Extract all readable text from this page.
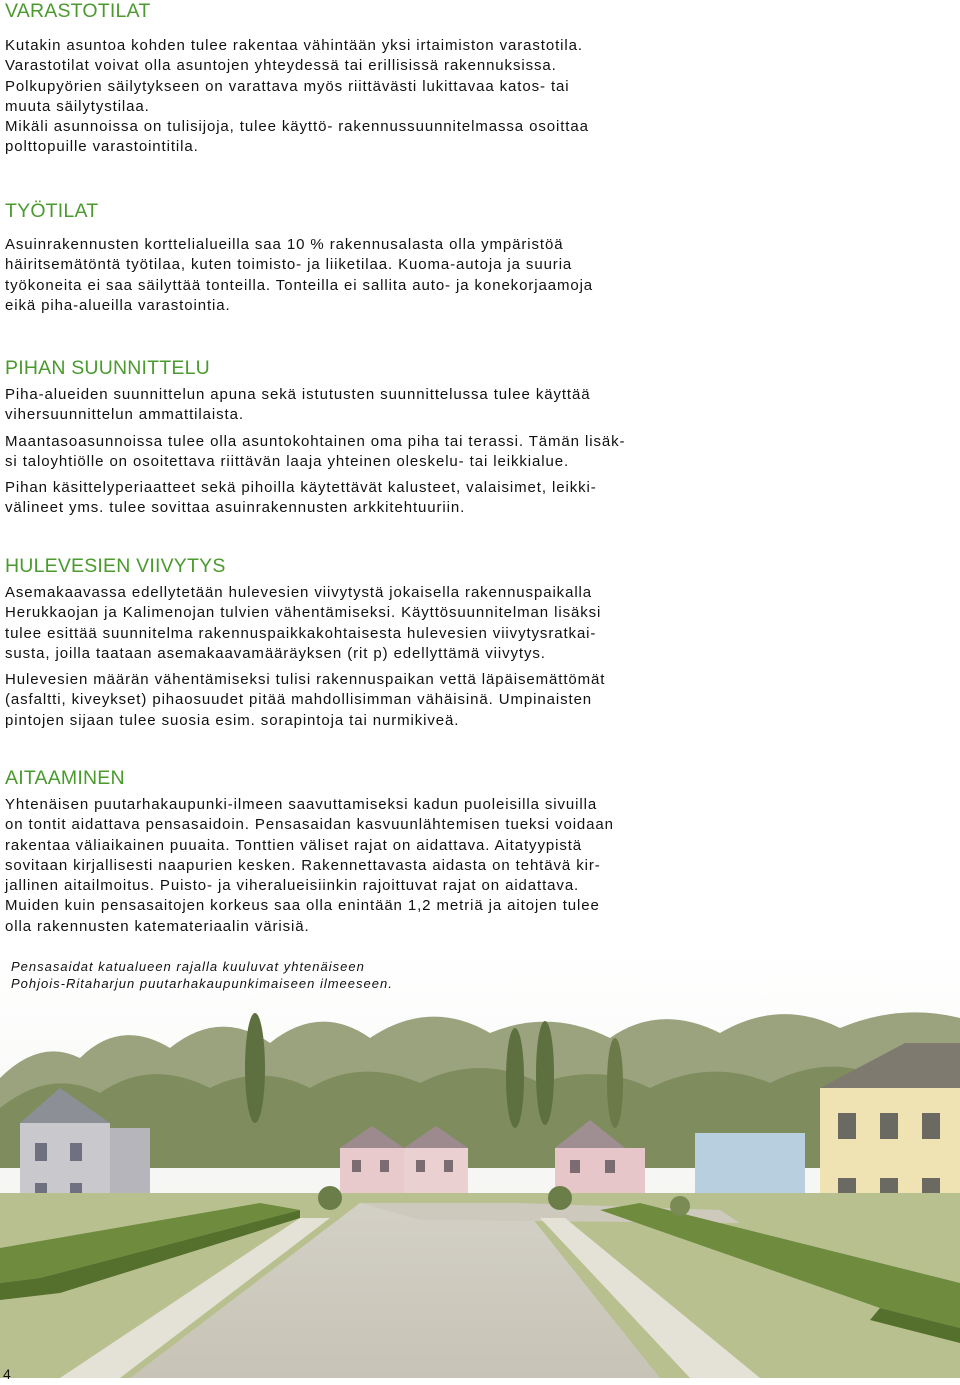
VARASTOTILAT

Kutakin asuntoa kohden tulee rakentaa vähintään yksi irtaimiston varastotila.
Varastotilat voivat olla asuntojen yhteydessä tai erillisissä rakennuksissa.
Polkupyörien säilytykseen on varattava myös riittävästi lukittavaa katos- tai
muuta säilytystilaa.
Mikäli asunnoissa on tulisijoja, tulee käyttö- rakennussuunnitelmassa osoittaa
polttopuille varastointitila.

TYÖTILAT

Asuinrakennusten korttelialueilla saa 10 % rakennusalasta olla ympäristöä
häiritsemätöntä työtilaa, kuten toimisto- ja liiketilaa. Kuoma-autoja ja suuria
työkoneita ei saa säilyttää tonteilla. Tonteilla ei sallita auto- ja konekorjaamoja
eikä piha-alueilla varastointia.

PIHAN SUUNNITTELU

Piha-alueiden suunnittelun apuna sekä istutusten suunnittelussa tulee käyttää
vihersuunnittelun ammattilaista.

Maantasoasunnoissa tulee olla asuntokohtainen oma piha tai terassi. Tämän lisäk-
si taloyhtiölle on osoitettava riittävän laaja yhteinen oleskelu- tai leikkialue.

Pihan käsittelyperiaatteet sekä pihoilla käytettävät kalusteet, valaisimet, leikki-
välineet yms. tulee sovittaa asuinrakennusten arkkitehtuuriin.

HULEVESIEN VIIVYTYS

Asemakaavassa edellytetään hulevesien viivytystä jokaisella rakennuspaikalla
Herukkaojan ja Kalimenojan tulvien vähentämiseksi. Käyttösuunnitelman lisäksi
tulee esittää suunnitelma rakennuspaikkakohtaisesta hulevesien viivytysratkai-
susta, joilla taataan asemakaavamääräyksen (rit p) edellyttämä viivytys.

Hulevesien määrän vähentämiseksi tulisi rakennuspaikan vettä läpäisemättömät
(asfaltti, kiveykset) pihaosuudet pitää mahdollisimman vähäisinä. Umpinaisten
pintojen sijaan tulee suosia esim. sorapintoja tai nurmikiveä.

AITAAMINEN

Yhtenäisen puutarhakaupunki-ilmeen saavuttamiseksi kadun puoleisilla sivuilla
on tontit aidattava pensasaidoin. Pensasaidan kasvuunlähtemisen tueksi voidaan
rakentaa väliaikainen puuaita. Tonttien väliset rajat on aidattava. Aitatyypistä
sovitaan kirjallisesti naapurien kesken. Rakennettavasta aidasta on tehtävä kir-
jallinen aitailmoitus. Puisto- ja viheralueisiinkin rajoittuvat rajat on aidattava.
Muiden kuin pensasaitojen korkeus saa olla enintään 1,2 metriä ja aitojen tulee
olla rakennusten katemateriaalin värisiä.

Pensasaidat katualueen rajalla kuuluvat yhtenäiseen
Pohjois-Ritaharjun puutarhakaupunkimaiseen ilmeeseen.
4
